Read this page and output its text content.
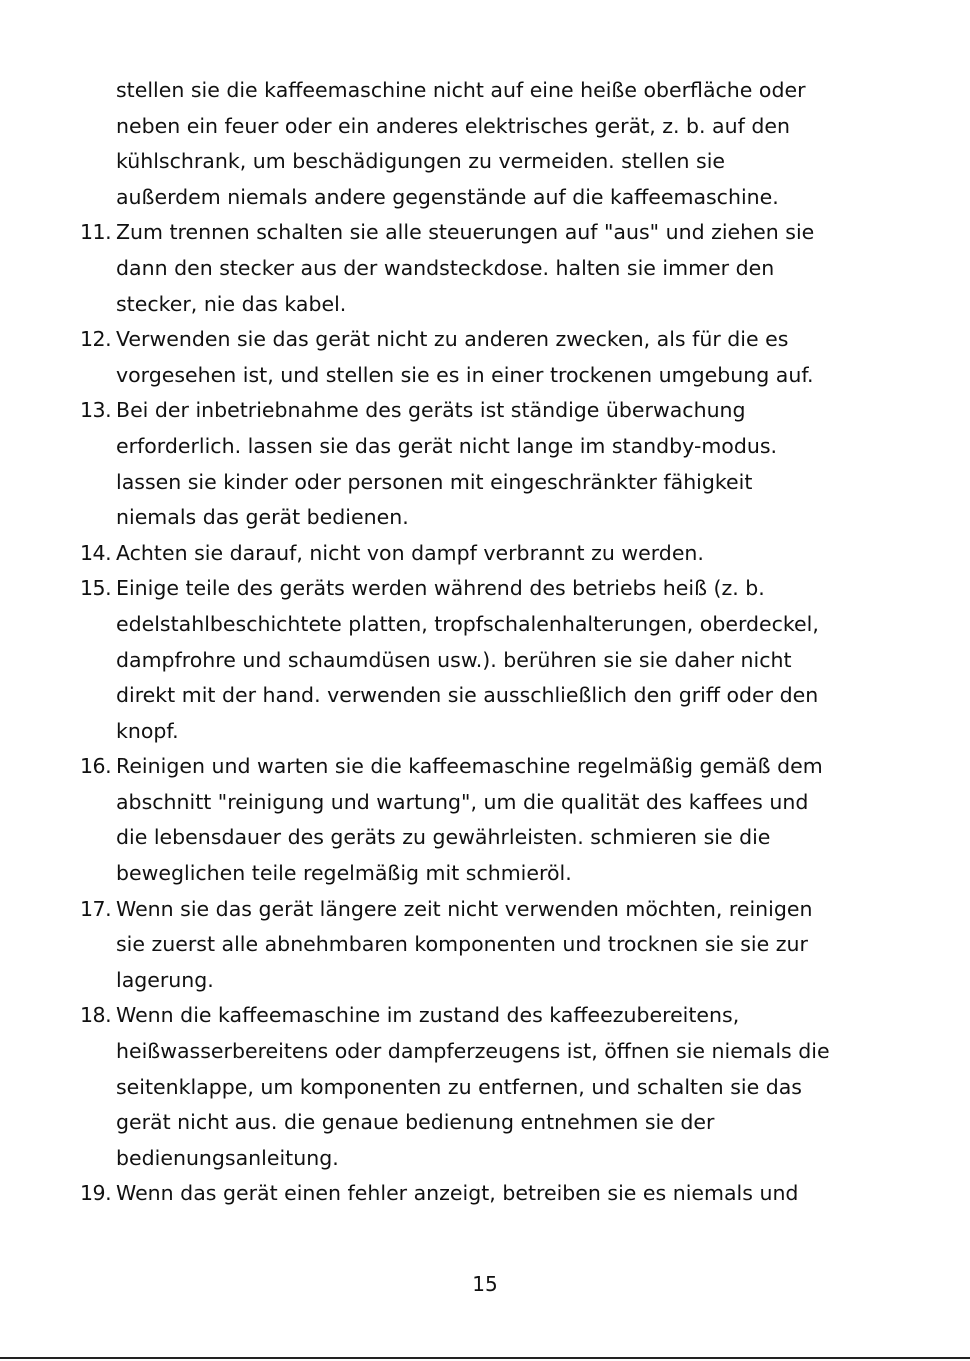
stellen sie die kaffeemaschine nicht auf eine heiße oberfläche oder
neben ein feuer oder ein anderes elektrisches gerät, z. b. auf den
kühlschrank, um beschädigungen zu vermeiden. stellen sie
außerdem niemals andere gegenstände auf die kaffeemaschine.
11. Zum trennen schalten sie alle steuerungen auf "aus" und ziehen sie
dann den stecker aus der wandsteckdose. halten sie immer den
stecker, nie das kabel.
12. Verwenden sie das gerät nicht zu anderen zwecken, als für die es
vorgesehen ist, und stellen sie es in einer trockenen umgebung auf.
13. Bei der inbetriebnahme des geräts ist ständige überwachung
erforderlich. lassen sie das gerät nicht lange im standby-modus.
lassen sie kinder oder personen mit eingeschränkter fähigkeit
niemals das gerät bedienen.
14. Achten sie darauf, nicht von dampf verbrannt zu werden.
15. Einige teile des geräts werden während des betriebs heiß (z. b.
edelstahlbeschichtete platten, tropfschalenhalterungen, oberdeckel,
dampfrohre und schaumdüsen usw.). berühren sie sie daher nicht
direkt mit der hand. verwenden sie ausschließlich den griff oder den
knopf.
16. Reinigen und warten sie die kaffeemaschine regelmäßig gemäß dem
abschnitt "reinigung und wartung", um die qualität des kaffees und
die lebensdauer des geräts zu gewährleisten. schmieren sie die
beweglichen teile regelmäßig mit schmieröl.
17. Wenn sie das gerät längere zeit nicht verwenden möchten, reinigen
sie zuerst alle abnehmbaren komponenten und trocknen sie sie zur
lagerung.
18. Wenn die kaffeemaschine im zustand des kaffeezubereitens,
heißwasserbereitens oder dampferzeugens ist, öffnen sie niemals die
seitenklappe, um komponenten zu entfernen, und schalten sie das
gerät nicht aus. die genaue bedienung entnehmen sie der
bedienungsanleitung.
19. Wenn das gerät einen fehler anzeigt, betreiben sie es niemals und
15
